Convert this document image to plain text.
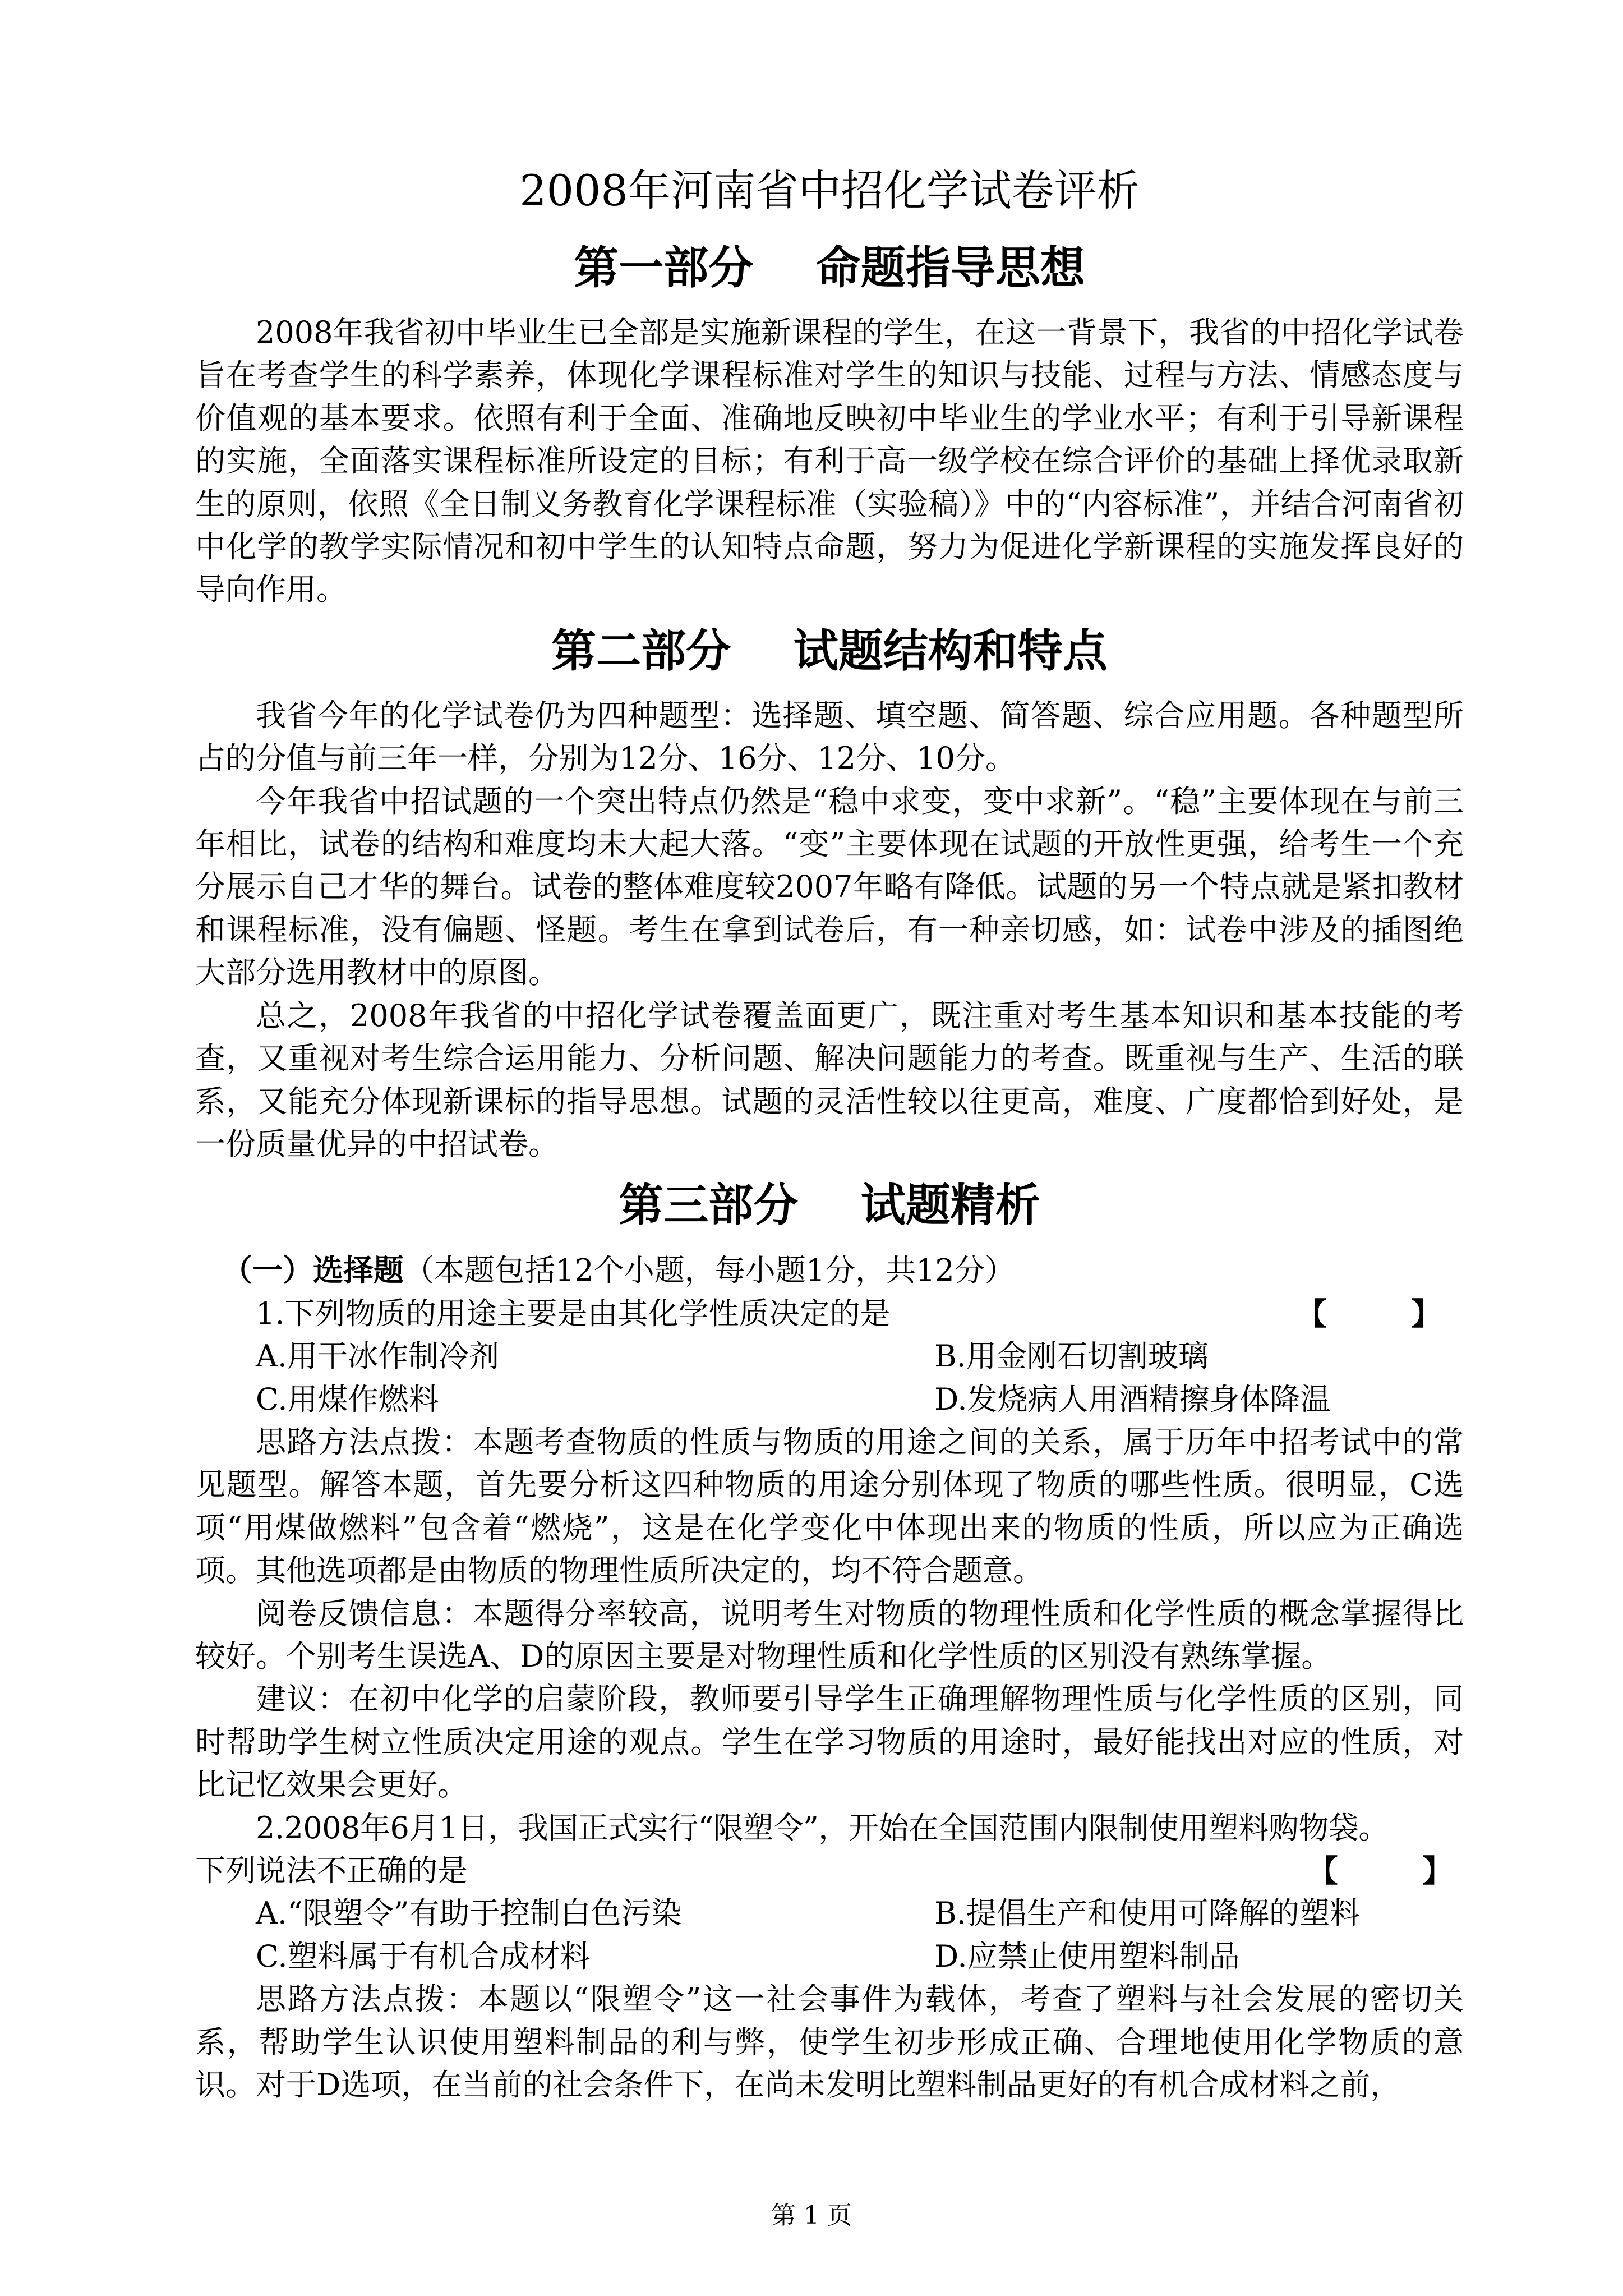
2008年河南省中招化学试卷评析
第一部分    命题指导思想

2008年我省初中毕业生已全部是实施新课程的学生，在这一背景下，我省的中招化学试卷旨在考查学生的科学素养，体现化学课程标准对学生的知识与技能、过程与方法、情感态度与价值观的基本要求。依照有利于全面、准确地反映初中毕业生的学业水平；有利于引导新课程的实施，全面落实课程标准所设定的目标；有利于高一级学校在综合评价的基础上择优录取新生的原则，依照《全日制义务教育化学课程标准（实验稿）》中的“内容标准”，并结合河南省初中化学的教学实际情况和初中学生的认知特点命题，努力为促进化学新课程的实施发挥良好的导向作用。

第二部分    试题结构和特点

我省今年的化学试卷仍为四种题型：选择题、填空题、简答题、综合应用题。各种题型所占的分值与前三年一样，分别为12分、16分、12分、10分。

今年我省中招试题的一个突出特点仍然是“稳中求变，变中求新”。“稳”主要体现在与前三年相比，试卷的结构和难度均未大起大落。“变”主要体现在试题的开放性更强，给考生一个充分展示自己才华的舞台。试卷的整体难度较2007年略有降低。试题的另一个特点就是紧扣教材和课程标准，没有偏题、怪题。考生在拿到试卷后，有一种亲切感，如：试卷中涉及的插图绝大部分选用教材中的原图。

总之，2008年我省的中招化学试卷覆盖面更广，既注重对考生基本知识和基本技能的考查，又重视对考生综合运用能力、分析问题、解决问题能力的考查。既重视与生产、生活的联系，又能充分体现新课标的指导思想。试题的灵活性较以往更高，难度、广度都恰到好处，是一份质量优异的中招试卷。

第三部分    试题精析
（一）选择题（本题包括12个小题，每小题1分，共12分）
1.下列物质的用途主要是由其化学性质决定的是	【        】
A.用干冰作制冷剂	B.用金刚石切割玻璃
C.用煤作燃料	D.发烧病人用酒精擦身体降温

思路方法点拨：本题考查物质的性质与物质的用途之间的关系，属于历年中招考试中的常见题型。解答本题，首先要分析这四种物质的用途分别体现了物质的哪些性质。很明显，C选项“用煤做燃料”包含着“燃烧”，这是在化学变化中体现出来的物质的性质，所以应为正确选项。其他选项都是由物质的物理性质所决定的，均不符合题意。

阅卷反馈信息：本题得分率较高，说明考生对物质的物理性质和化学性质的概念掌握得比较好。个别考生误选A、D的原因主要是对物理性质和化学性质的区别没有熟练掌握。

建议：在初中化学的启蒙阶段，教师要引导学生正确理解物理性质与化学性质的区别，同时帮助学生树立性质决定用途的观点。学生在学习物质的用途时，最好能找出对应的性质，对比记忆效果会更好。

2.2008年6月1日，我国正式实行“限塑令”，开始在全国范围内限制使用塑料购物袋。

下列说法不正确的是	【        】
A.“限塑令”有助于控制白色污染	B.提倡生产和使用可降解的塑料
C.塑料属于有机合成材料	D.应禁止使用塑料制品

思路方法点拨：本题以“限塑令”这一社会事件为载体，考查了塑料与社会发展的密切关系，帮助学生认识使用塑料制品的利与弊，使学生初步形成正确、合理地使用化学物质的意识。对于D选项，在当前的社会条件下，在尚未发明比塑料制品更好的有机合成材料之前，

第 1 页
